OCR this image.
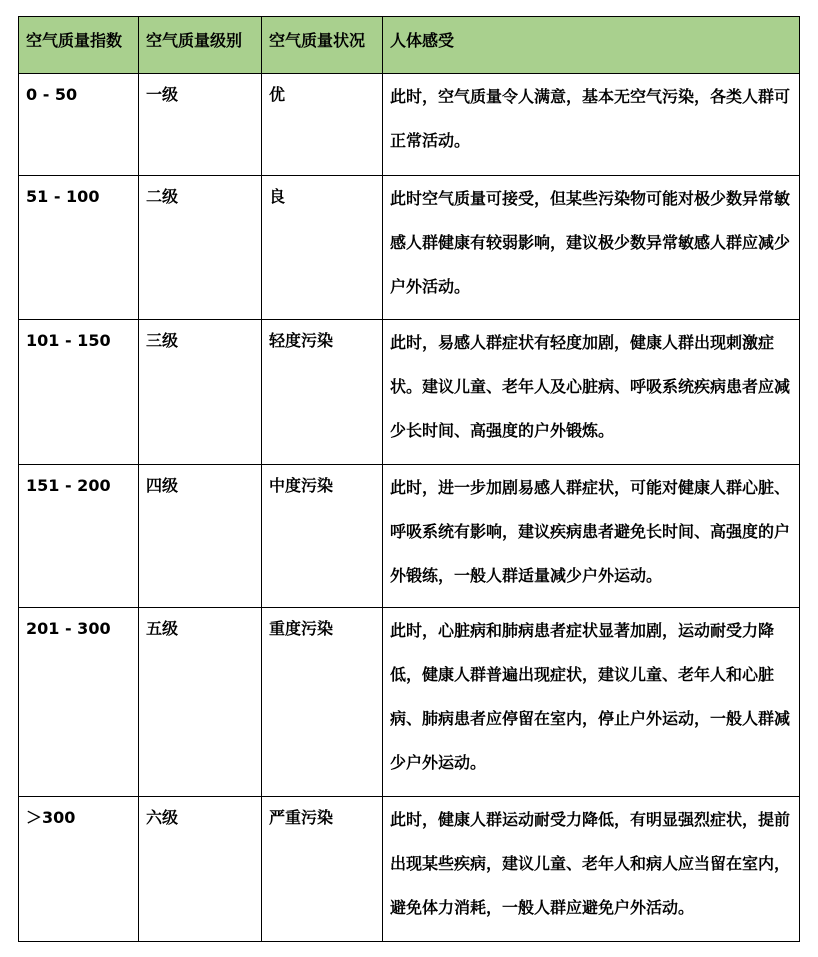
空气质量指数	空气质量级别	空气质量状况	人体感受
0 - 50	一级	优	此时，空气质量令人满意，基本无空气污染，各类人群可正常活动。
51 - 100	二级	良	此时空气质量可接受，但某些污染物可能对极少数异常敏感人群健康有较弱影响，建议极少数异常敏感人群应减少户外活动。
101 - 150	三级	轻度污染	此时，易感人群症状有轻度加剧，健康人群出现刺激症状。建议儿童、老年人及心脏病、呼吸系统疾病患者应减少长时间、高强度的户外锻炼。
151 - 200	四级	中度污染	此时，进一步加剧易感人群症状，可能对健康人群心脏、呼吸系统有影响，建议疾病患者避免长时间、高强度的户外锻练，一般人群适量减少户外运动。
201 - 300	五级	重度污染	此时，心脏病和肺病患者症状显著加剧，运动耐受力降低，健康人群普遍出现症状，建议儿童、老年人和心脏病、肺病患者应停留在室内，停止户外运动，一般人群减少户外运动。
＞300	六级	严重污染	此时，健康人群运动耐受力降低，有明显强烈症状，提前出现某些疾病，建议儿童、老年人和病人应当留在室内，避免体力消耗，一般人群应避免户外活动。
